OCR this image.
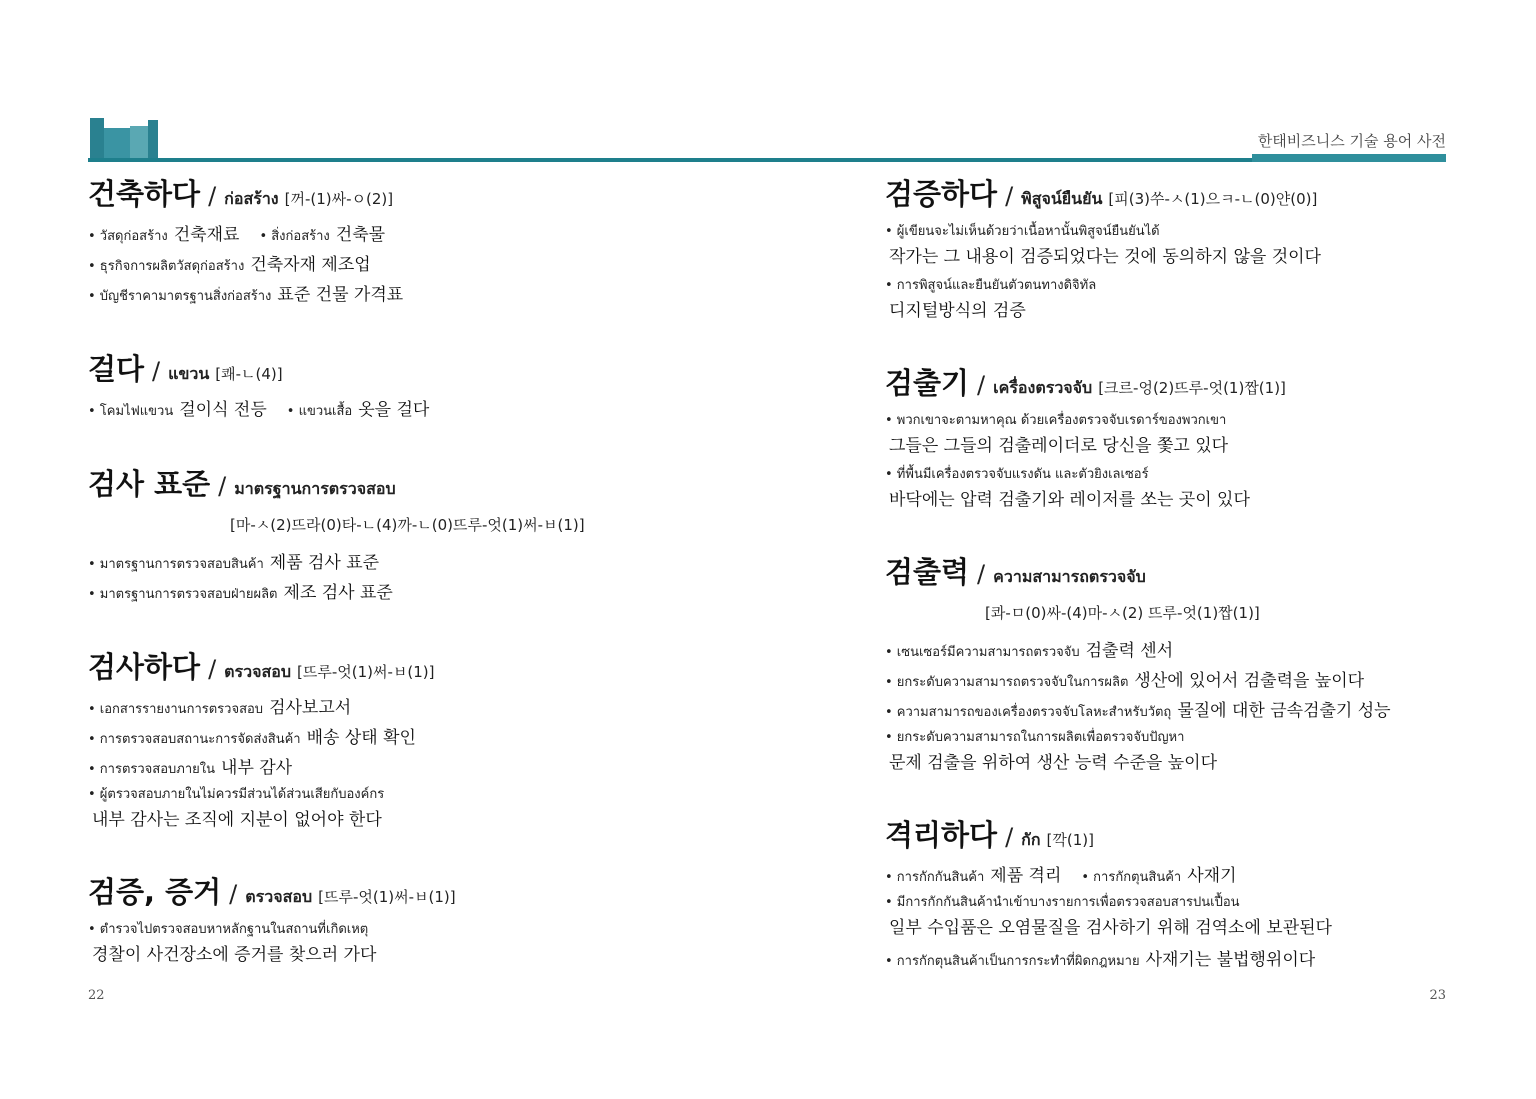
한태비즈니스 기술 용어 사전
건축하다 / ก่อสร้าง [꺼-(1)싸-ㅇ(2)]
• วัสดุก่อสร้าง 건축재료 • สิ่งก่อสร้าง 건축물
• ธุรกิจการผลิตวัสดุก่อสร้าง 건축자재 제조업
• บัญชีราคามาตรฐานสิ่งก่อสร้าง 표준 건물 가격표
걸다 / แขวน [쾌-ㄴ(4)]
• โคมไฟแขวน 걸이식 전등 • แขวนเสื้อ 옷을 걸다
검사 표준 / มาตรฐานการตรวจสอบ
[마-ㅅ(2)뜨라(0)타-ㄴ(4)까-ㄴ(0)뜨루-엇(1)써-ㅂ(1)]
• มาตรฐานการตรวจสอบสินค้า 제품 검사 표준
• มาตรฐานการตรวจสอบฝ่ายผลิต 제조 검사 표준
검사하다 / ตรวจสอบ [뜨루-엇(1)써-ㅂ(1)]
• เอกสารรายงานการตรวจสอบ 검사보고서
• การตรวจสอบสถานะการจัดส่งสินค้า 배송 상태 확인
• การตรวจสอบภายใน 내부 감사
• ผู้ตรวจสอบภายในไม่ควรมีส่วนได้ส่วนเสียกับองค์กร
내부 감사는 조직에 지분이 없어야 한다
검증, 증거 / ตรวจสอบ [뜨루-엇(1)써-ㅂ(1)]
• ตำรวจไปตรวจสอบหาหลักฐานในสถานที่เกิดเหตุ
경찰이 사건장소에 증거를 찾으러 가다
검증하다 / พิสูจน์ยืนยัน [피(3)쑤-ㅅ(1)으ㅋ-ㄴ(0)얀(0)]
• ผู้เขียนจะไม่เห็นด้วยว่าเนื้อหานั้นพิสูจน์ยืนยันได้
작가는 그 내용이 검증되었다는 것에 동의하지 않을 것이다
• การพิสูจน์และยืนยันตัวตนทางดิจิทัล
디지털방식의 검증
검출기 / เครื่องตรวจจับ [크르-엉(2)뜨루-엇(1)짭(1)]
• พวกเขาจะตามหาคุณ ด้วยเครื่องตรวจจับเรดาร์ของพวกเขา
그들은 그들의 검출레이더로 당신을 쫓고 있다
• ที่พื้นมีเครื่องตรวจจับแรงดัน และตัวยิงเลเซอร์
바닥에는 압력 검출기와 레이저를 쏘는 곳이 있다
검출력 / ความสามารถตรวจจับ
[콰-ㅁ(0)싸-(4)마-ㅅ(2) 뜨루-엇(1)짭(1)]
• เซนเซอร์มีความสามารถตรวจจับ 검출력 센서
• ยกระดับความสามารถตรวจจับในการผลิต 생산에 있어서 검출력을 높이다
• ความสามารถของเครื่องตรวจจับโลหะสำหรับวัตถุ 물질에 대한 금속검출기 성능
• ยกระดับความสามารถในการผลิตเพื่อตรวจจับปัญหา
문제 검출을 위하여 생산 능력 수준을 높이다
격리하다 / กัก [깍(1)]
• การกักกันสินค้า 제품 격리 • การกักตุนสินค้า 사재기
• มีการกักกันสินค้านำเข้าบางรายการเพื่อตรวจสอบสารปนเปื้อน
일부 수입품은 오염물질을 검사하기 위해 검역소에 보관된다
• การกักตุนสินค้าเป็นการกระทำที่ผิดกฎหมาย 사재기는 불법행위이다
22	23
